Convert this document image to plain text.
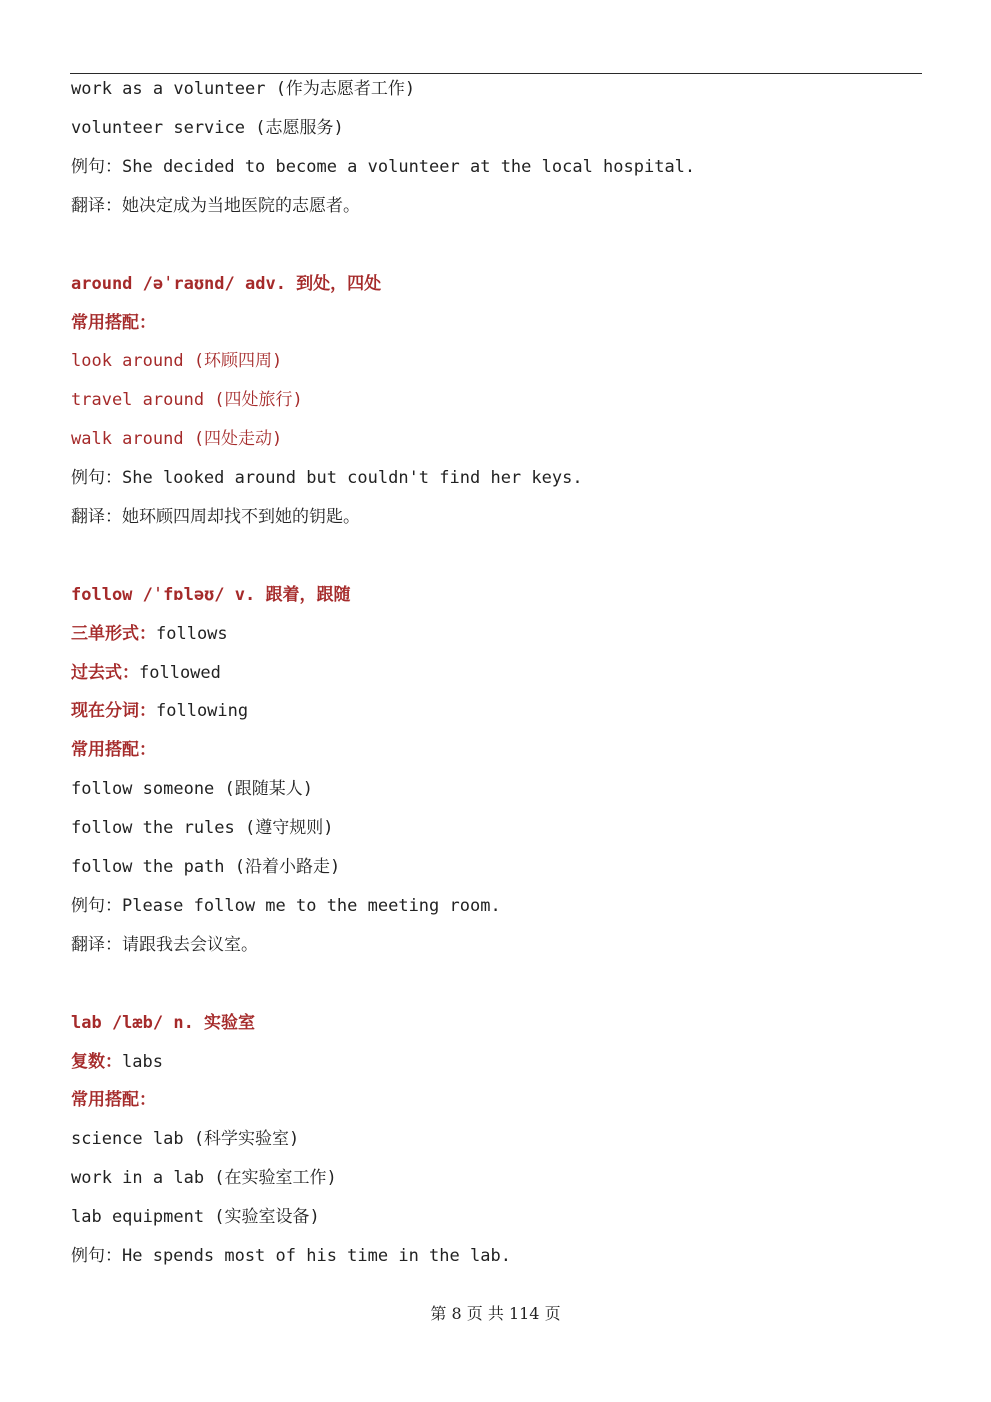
work as a volunteer (作为志愿者工作)
volunteer service (志愿服务)
例句：She decided to become a volunteer at the local hospital.
翻译：她决定成为当地医院的志愿者。
around /əˈraʊnd/ adv. 到处，四处
常用搭配：
look around (环顾四周)
travel around (四处旅行)
walk around (四处走动)
例句：She looked around but couldn't find her keys.
翻译：她环顾四周却找不到她的钥匙。
follow /ˈfɒləʊ/ v. 跟着，跟随
三单形式：follows
过去式：followed
现在分词：following
常用搭配：
follow someone (跟随某人)
follow the rules (遵守规则)
follow the path (沿着小路走)
例句：Please follow me to the meeting room.
翻译：请跟我去会议室。
lab /læb/ n. 实验室
复数：labs
常用搭配：
science lab (科学实验室)
work in a lab (在实验室工作)
lab equipment (实验室设备)
例句：He spends most of his time in the lab.
第 8 页 共 114 页
